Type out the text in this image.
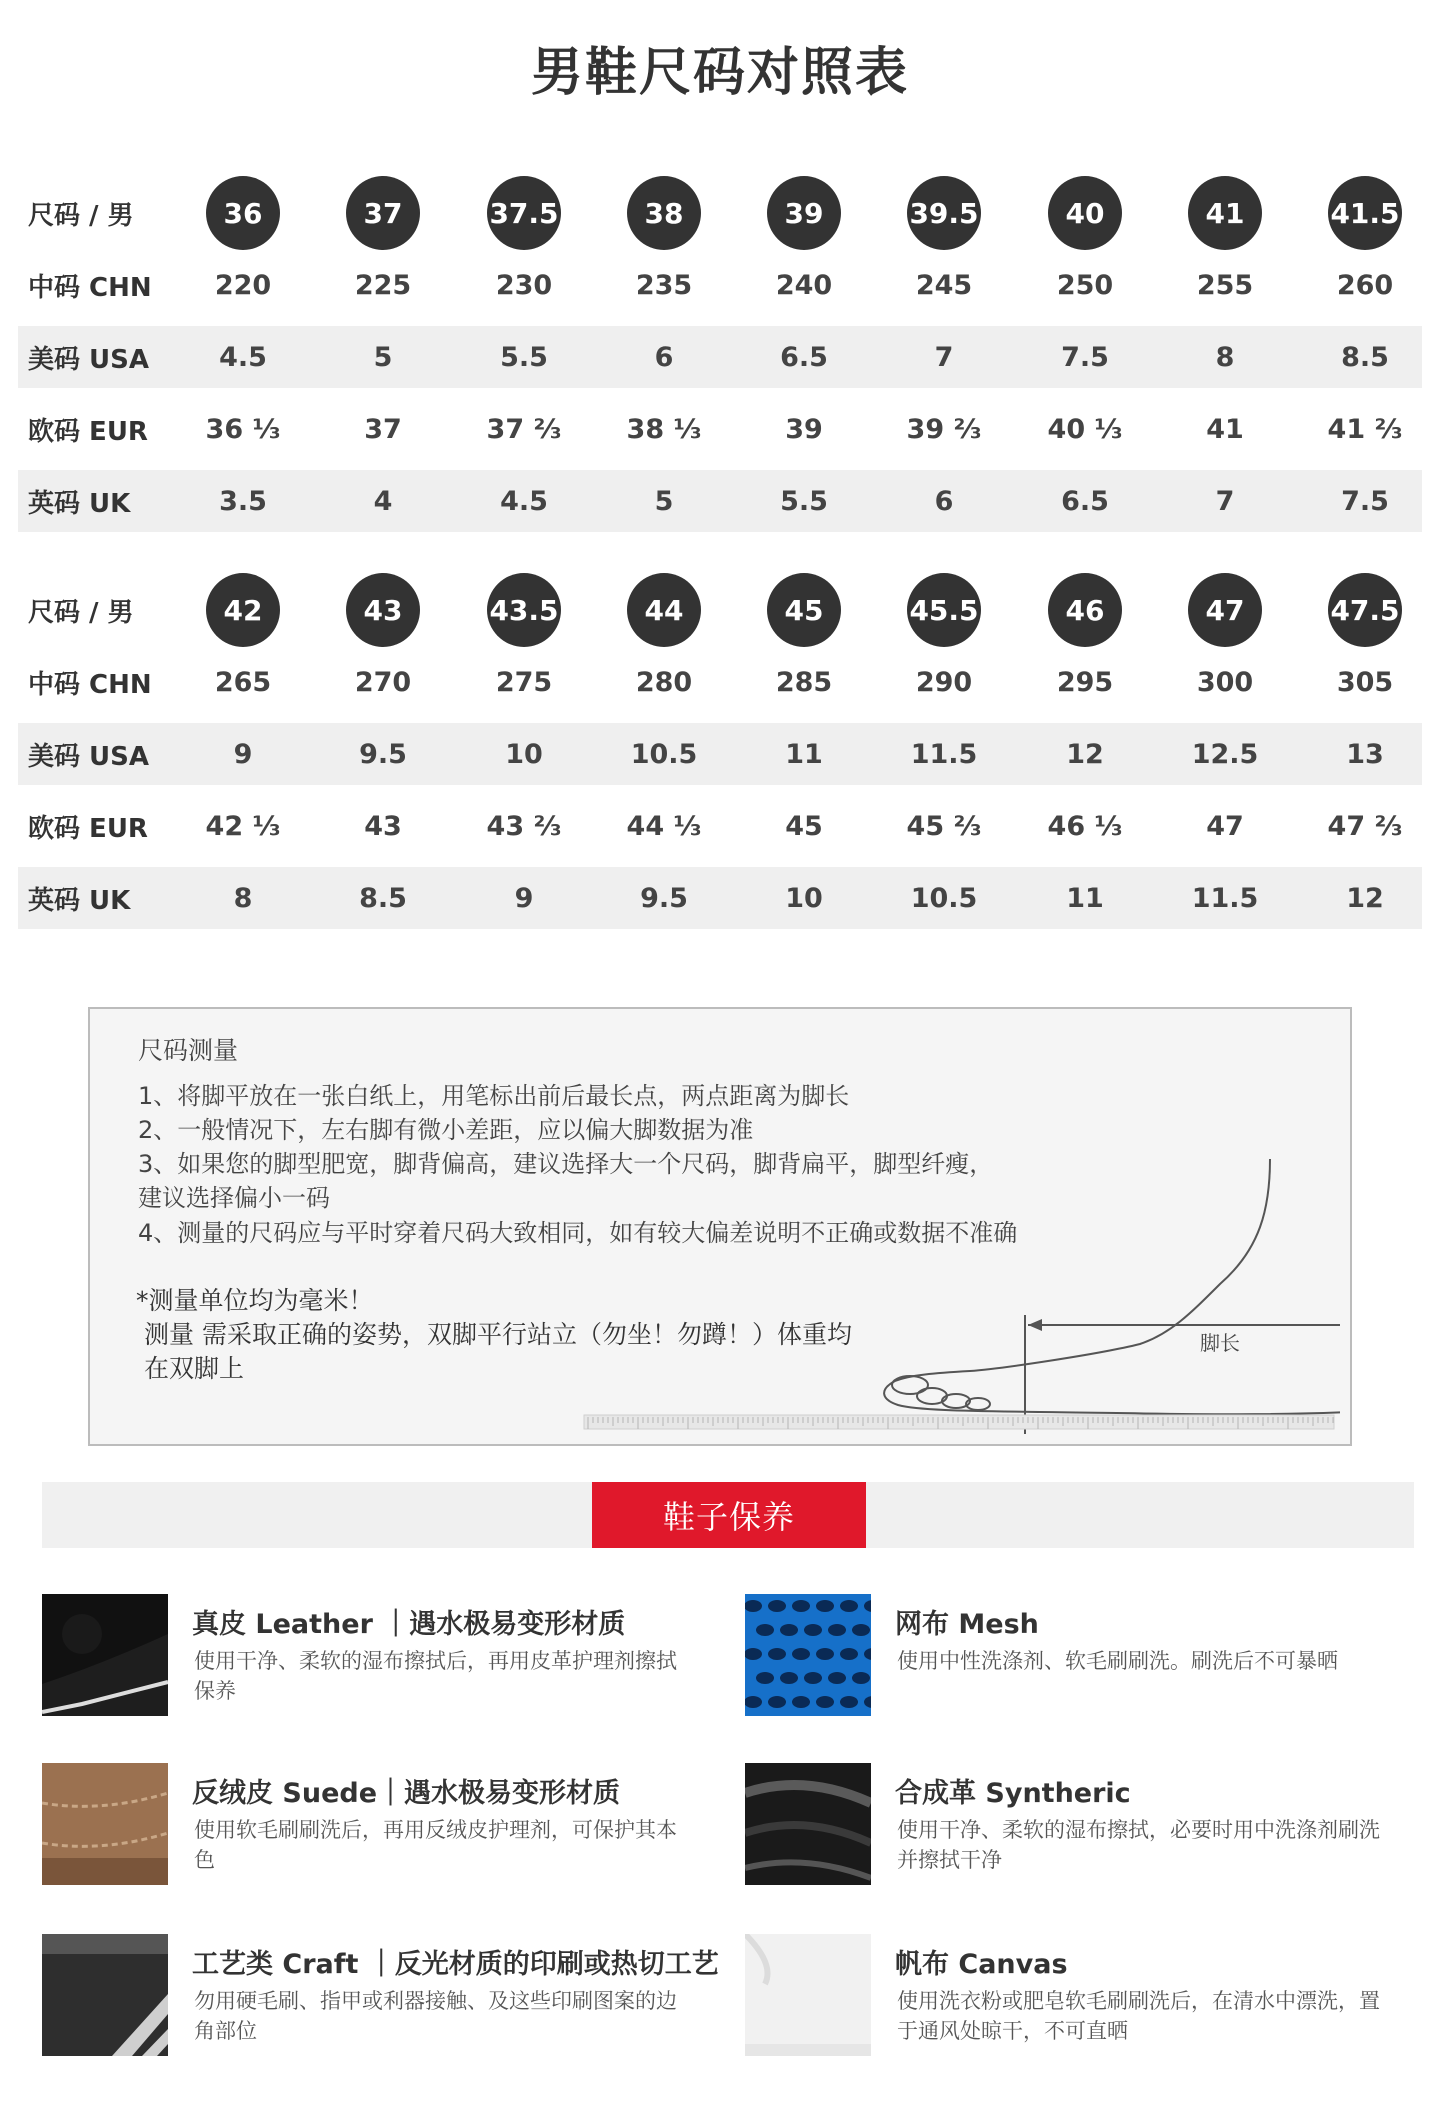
男鞋尺码对照表
尺码 / 男	36	37	37.5	38	39	39.5	40	41	41.5
中码 CHN	220	225	230	235	240	245	250	255	260
美码 USA	4.5	5	5.5	6	6.5	7	7.5	8	8.5
欧码 EUR	36 ⅓	37	37 ⅔	38 ⅓	39	39 ⅔	40 ⅓	41	41 ⅔
英码 UK	3.5	4	4.5	5	5.5	6	6.5	7	7.5
尺码 / 男	42	43	43.5	44	45	45.5	46	47	47.5
中码 CHN	265	270	275	280	285	290	295	300	305
美码 USA	9	9.5	10	10.5	11	11.5	12	12.5	13
欧码 EUR	42 ⅓	43	43 ⅔	44 ⅓	45	45 ⅔	46 ⅓	47	47 ⅔
英码 UK	8	8.5	9	9.5	10	10.5	11	11.5	12
尺码测量
1、将脚平放在一张白纸上，用笔标出前后最长点，两点距离为脚长
2、一般情况下，左右脚有微小差距，应以偏大脚数据为准
3、如果您的脚型肥宽，脚背偏高，建议选择大一个尺码，脚背扁平，脚型纤瘦，
建议选择偏小一码
4、测量的尺码应与平时穿着尺码大致相同，如有较大偏差说明不正确或数据不准确
*测量单位均为毫米！
测量 需采取正确的姿势，双脚平行站立（勿坐！勿蹲！）体重均
在双脚上
脚长
鞋子保养
真皮 Leather ｜遇水极易变形材质
使用干净、柔软的湿布擦拭后，再用皮革护理剂擦拭保养
网布 Mesh
使用中性洗涤剂、软毛刷刷洗。刷洗后不可暴晒
反绒皮 Suede｜遇水极易变形材质
使用软毛刷刷洗后，再用反绒皮护理剂，可保护其本色
合成革 Syntheric
使用干净、柔软的湿布擦拭，必要时用中洗涤剂刷洗并擦拭干净
工艺类 Craft ｜反光材质的印刷或热切工艺
勿用硬毛刷、指甲或利器接触、及这些印刷图案的边角部位
帆布 Canvas
使用洗衣粉或肥皂软毛刷刷洗后，在清水中漂洗，置于通风处晾干，不可直晒
